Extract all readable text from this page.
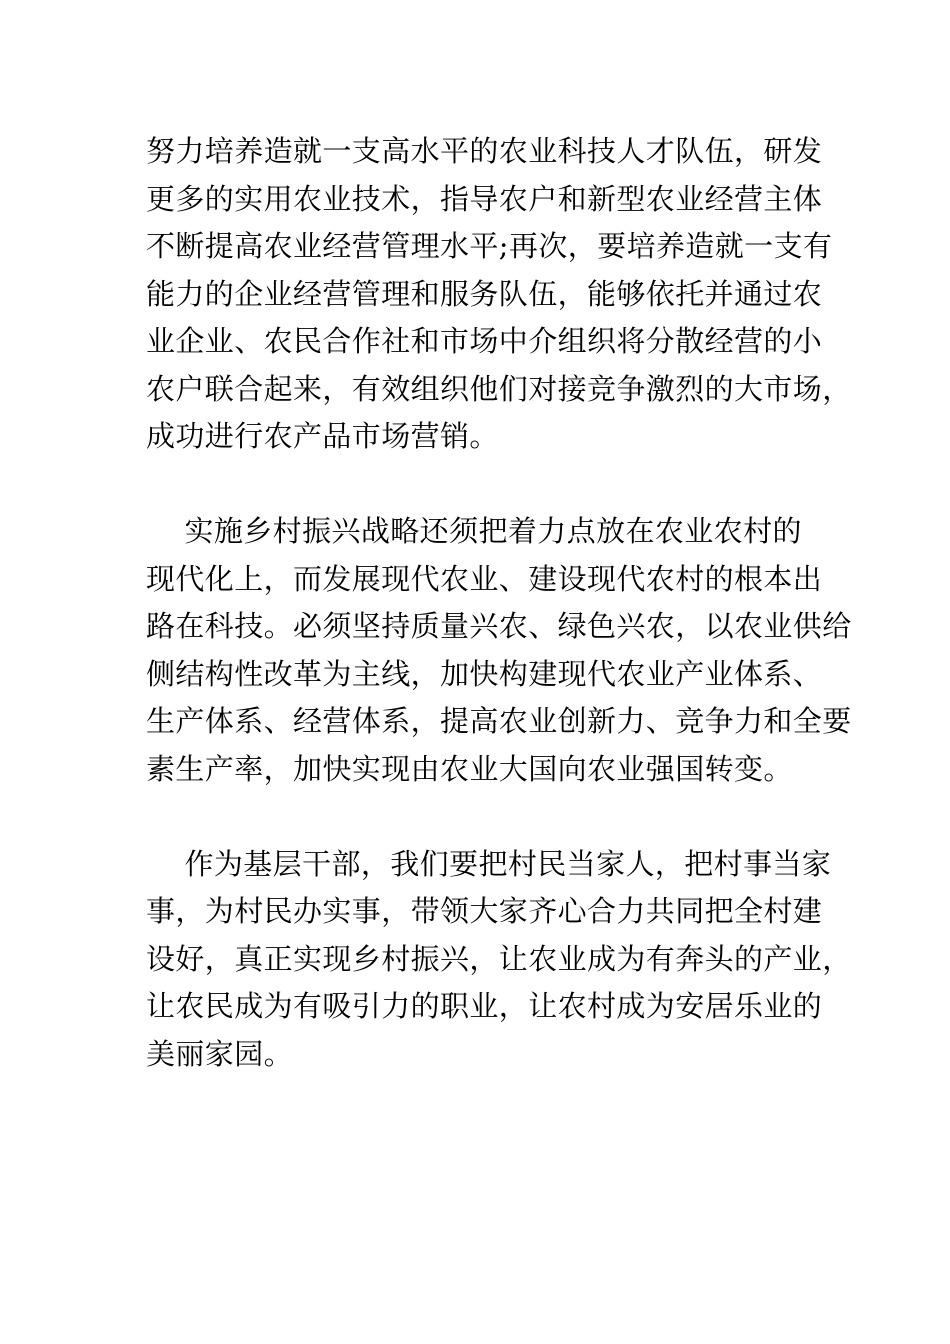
努力培养造就一支高水平的农业科技人才队伍，研发
更多的实用农业技术，指导农户和新型农业经营主体
不断提高农业经营管理水平;再次，要培养造就一支有
能力的企业经营管理和服务队伍，能够依托并通过农
业企业、农民合作社和市场中介组织将分散经营的小
农户联合起来，有效组织他们对接竞争激烈的大市场，
成功进行农产品市场营销。
实施乡村振兴战略还须把着力点放在农业农村的
现代化上，而发展现代农业、建设现代农村的根本出
路在科技。必须坚持质量兴农、绿色兴农，以农业供给
侧结构性改革为主线，加快构建现代农业产业体系、
生产体系、经营体系，提高农业创新力、竞争力和全要
素生产率，加快实现由农业大国向农业强国转变。
作为基层干部，我们要把村民当家人，把村事当家
事，为村民办实事，带领大家齐心合力共同把全村建
设好，真正实现乡村振兴，让农业成为有奔头的产业，
让农民成为有吸引力的职业，让农村成为安居乐业的
美丽家园。
